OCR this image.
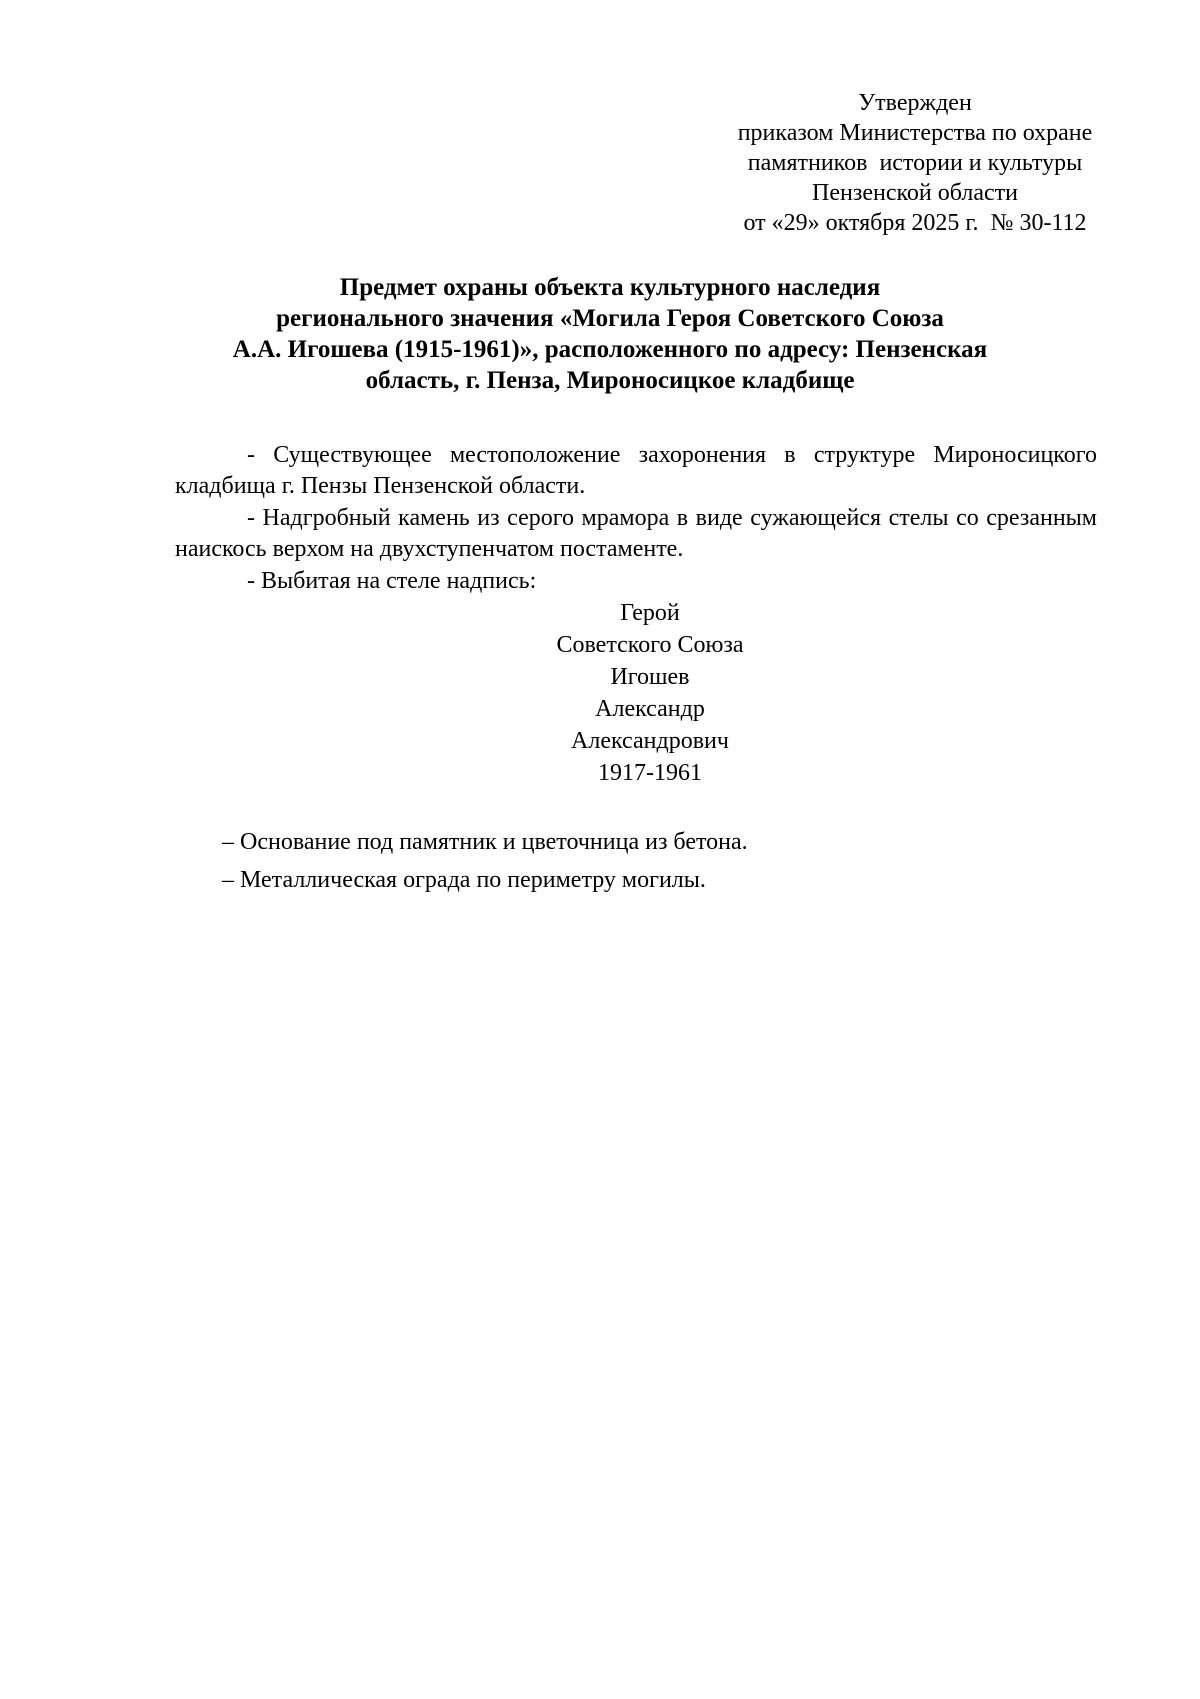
Утвержден
приказом Министерства по охране
памятников  истории и культуры
Пензенской области
от «29» октября 2025 г.  № 30-112
Предмет охраны объекта культурного наследия
регионального значения «Могила Героя Советского Союза
А.А. Игошева (1915-1961)», расположенного по адресу: Пензенская
область, г. Пенза, Мироносицкое кладбище
- Существующее местоположение захоронения в структуре Мироносицкого кладбища г. Пензы Пензенской области.
- Надгробный камень из серого мрамора в виде сужающейся стелы со срезанным наискось верхом на двухступенчатом постаменте.
- Выбитая на стеле надпись:
Герой
Советского Союза
Игошев
Александр
Александрович
1917-1961
– Основание под памятник и цветочница из бетона.
– Металлическая ограда по периметру могилы.
